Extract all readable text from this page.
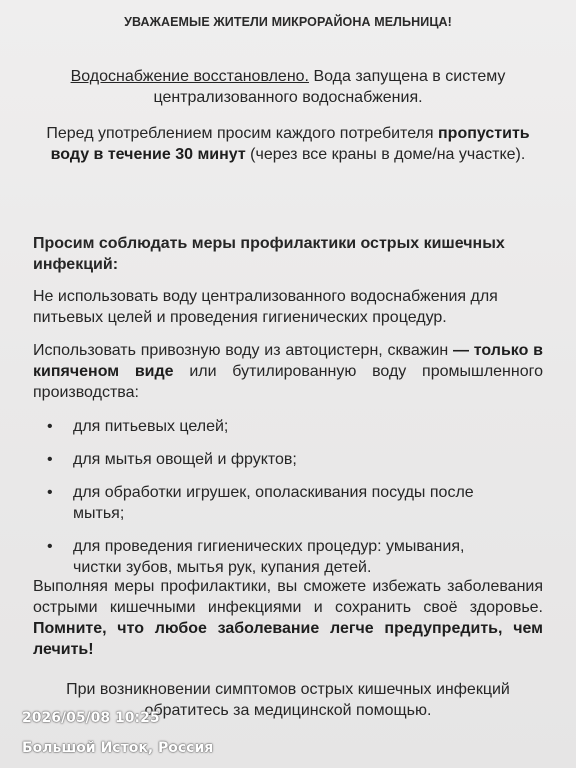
УВАЖАЕМЫЕ ЖИТЕЛИ МИКРОРАЙОНА МЕЛЬНИЦА!
Водоснабжение восстановлено. Вода запущена в систему централизованного водоснабжения.
Перед употреблением просим каждого потребителя пропустить воду в течение 30 минут (через все краны в доме/на участке).
Просим соблюдать меры профилактики острых кишечных инфекций:
Не использовать воду централизованного водоснабжения для питьевых целей и проведения гигиенических процедур.
Использовать привозную воду из автоцистерн, скважин — только в кипяченом виде или бутилированную воду промышленного производства:
• для питьевых целей;
• для мытья овощей и фруктов;
• для обработки игрушек, ополаскивания посуды после мытья;
• для проведения гигиенических процедур: умывания, чистки зубов, мытья рук, купания детей.
Выполняя меры профилактики, вы сможете избежать заболевания острыми кишечными инфекциями и сохранить своё здоровье. Помните, что любое заболевание легче предупредить, чем лечить!
При возникновении симптомов острых кишечных инфекций обратитесь за медицинской помощью.
2026/05/08 10:25
Большой Исток, Россия
